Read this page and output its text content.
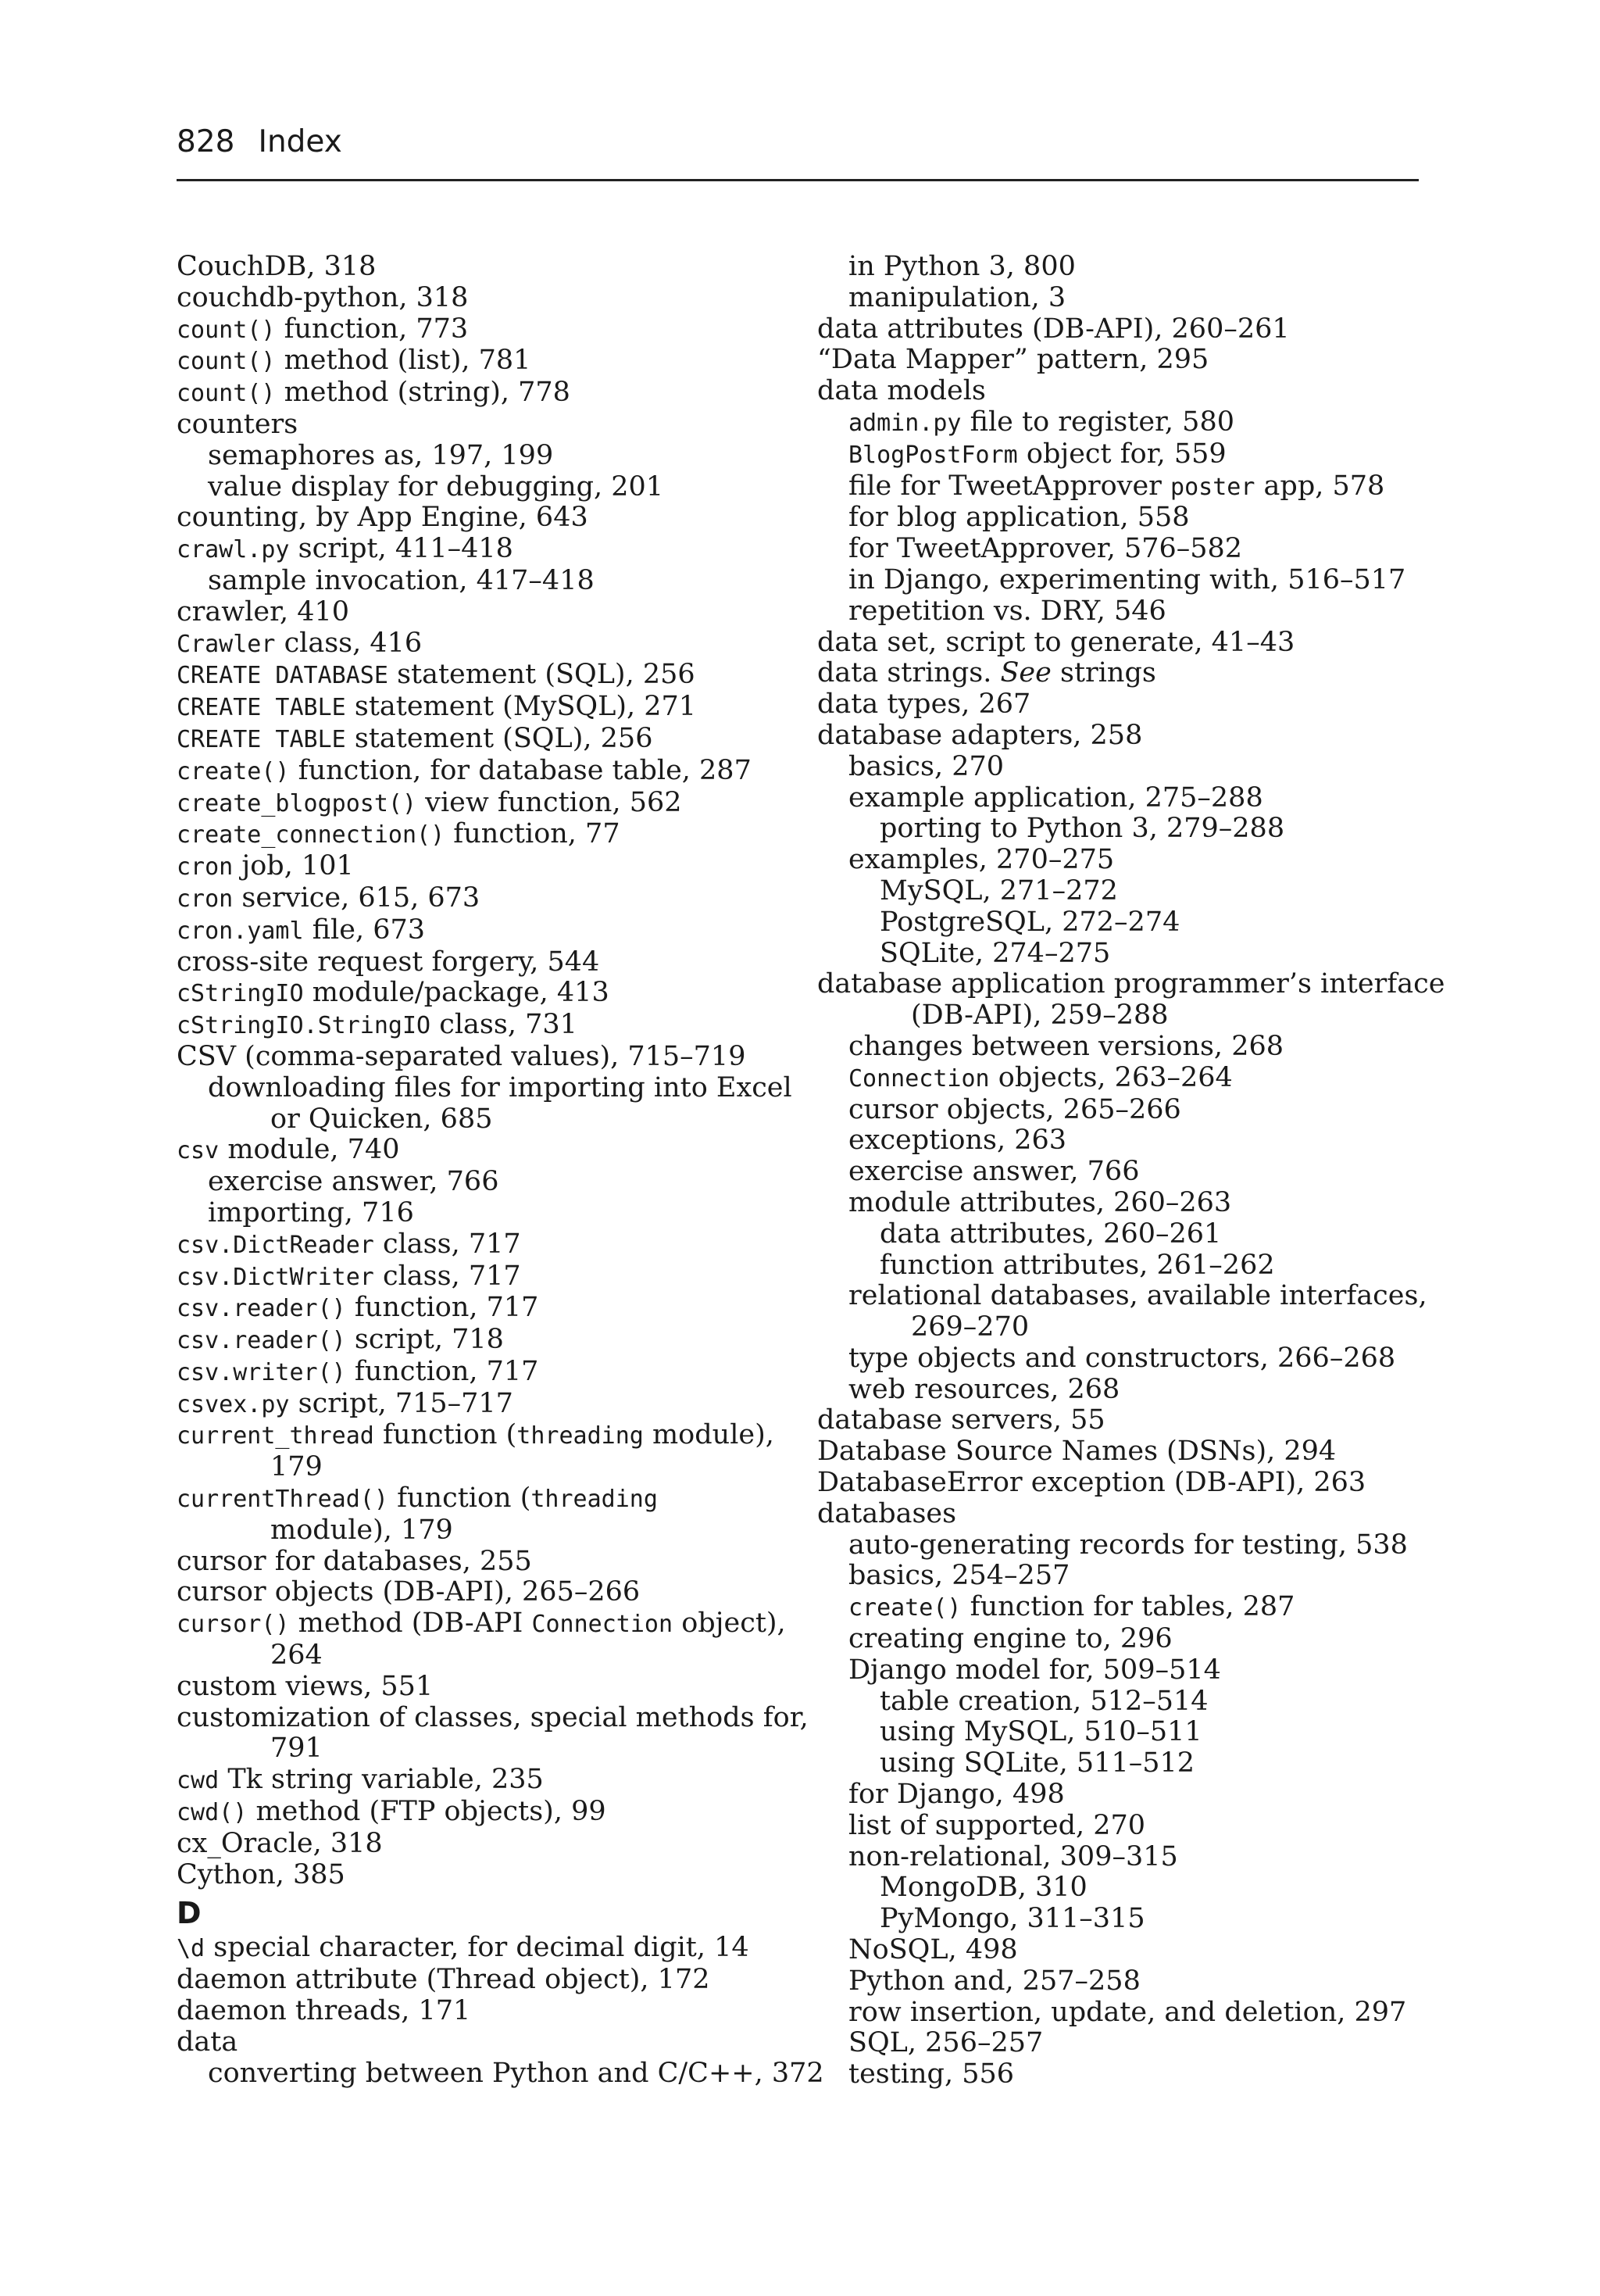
828 Index
CouchDB, 318
couchdb-python, 318
count() function, 773
count() method (list), 781
count() method (string), 778
counters
semaphores as, 197, 199
value display for debugging, 201
counting, by App Engine, 643
crawl.py script, 411–418
sample invocation, 417–418
crawler, 410
Crawler class, 416
CREATE DATABASE statement (SQL), 256
CREATE TABLE statement (MySQL), 271
CREATE TABLE statement (SQL), 256
create() function, for database table, 287
create_blogpost() view function, 562
create_connection() function, 77
cron job, 101
cron service, 615, 673
cron.yaml file, 673
cross-site request forgery, 544
cStringIO module/package, 413
cStringIO.StringIO class, 731
CSV (comma-separated values), 715–719
downloading files for importing into Excel
or Quicken, 685
csv module, 740
exercise answer, 766
importing, 716
csv.DictReader class, 717
csv.DictWriter class, 717
csv.reader() function, 717
csv.reader() script, 718
csv.writer() function, 717
csvex.py script, 715–717
current_thread function (threading module),
179
currentThread() function (threading
module), 179
cursor for databases, 255
cursor objects (DB-API), 265–266
cursor() method (DB-API Connection object),
264
custom views, 551
customization of classes, special methods for,
791
cwd Tk string variable, 235
cwd() method (FTP objects), 99
cx_Oracle, 318
Cython, 385
D
\d special character, for decimal digit, 14
daemon attribute (Thread object), 172
daemon threads, 171
data
converting between Python and C/C++, 372
in Python 3, 800
manipulation, 3
data attributes (DB-API), 260–261
“Data Mapper” pattern, 295
data models
admin.py file to register, 580
BlogPostForm object for, 559
file for TweetApprover poster app, 578
for blog application, 558
for TweetApprover, 576–582
in Django, experimenting with, 516–517
repetition vs. DRY, 546
data set, script to generate, 41–43
data strings. See strings
data types, 267
database adapters, 258
basics, 270
example application, 275–288
porting to Python 3, 279–288
examples, 270–275
MySQL, 271–272
PostgreSQL, 272–274
SQLite, 274–275
database application programmer’s interface
(DB-API), 259–288
changes between versions, 268
Connection objects, 263–264
cursor objects, 265–266
exceptions, 263
exercise answer, 766
module attributes, 260–263
data attributes, 260–261
function attributes, 261–262
relational databases, available interfaces,
269–270
type objects and constructors, 266–268
web resources, 268
database servers, 55
Database Source Names (DSNs), 294
DatabaseError exception (DB-API), 263
databases
auto-generating records for testing, 538
basics, 254–257
create() function for tables, 287
creating engine to, 296
Django model for, 509–514
table creation, 512–514
using MySQL, 510–511
using SQLite, 511–512
for Django, 498
list of supported, 270
non-relational, 309–315
MongoDB, 310
PyMongo, 311–315
NoSQL, 498
Python and, 257–258
row insertion, update, and deletion, 297
SQL, 256–257
testing, 556
